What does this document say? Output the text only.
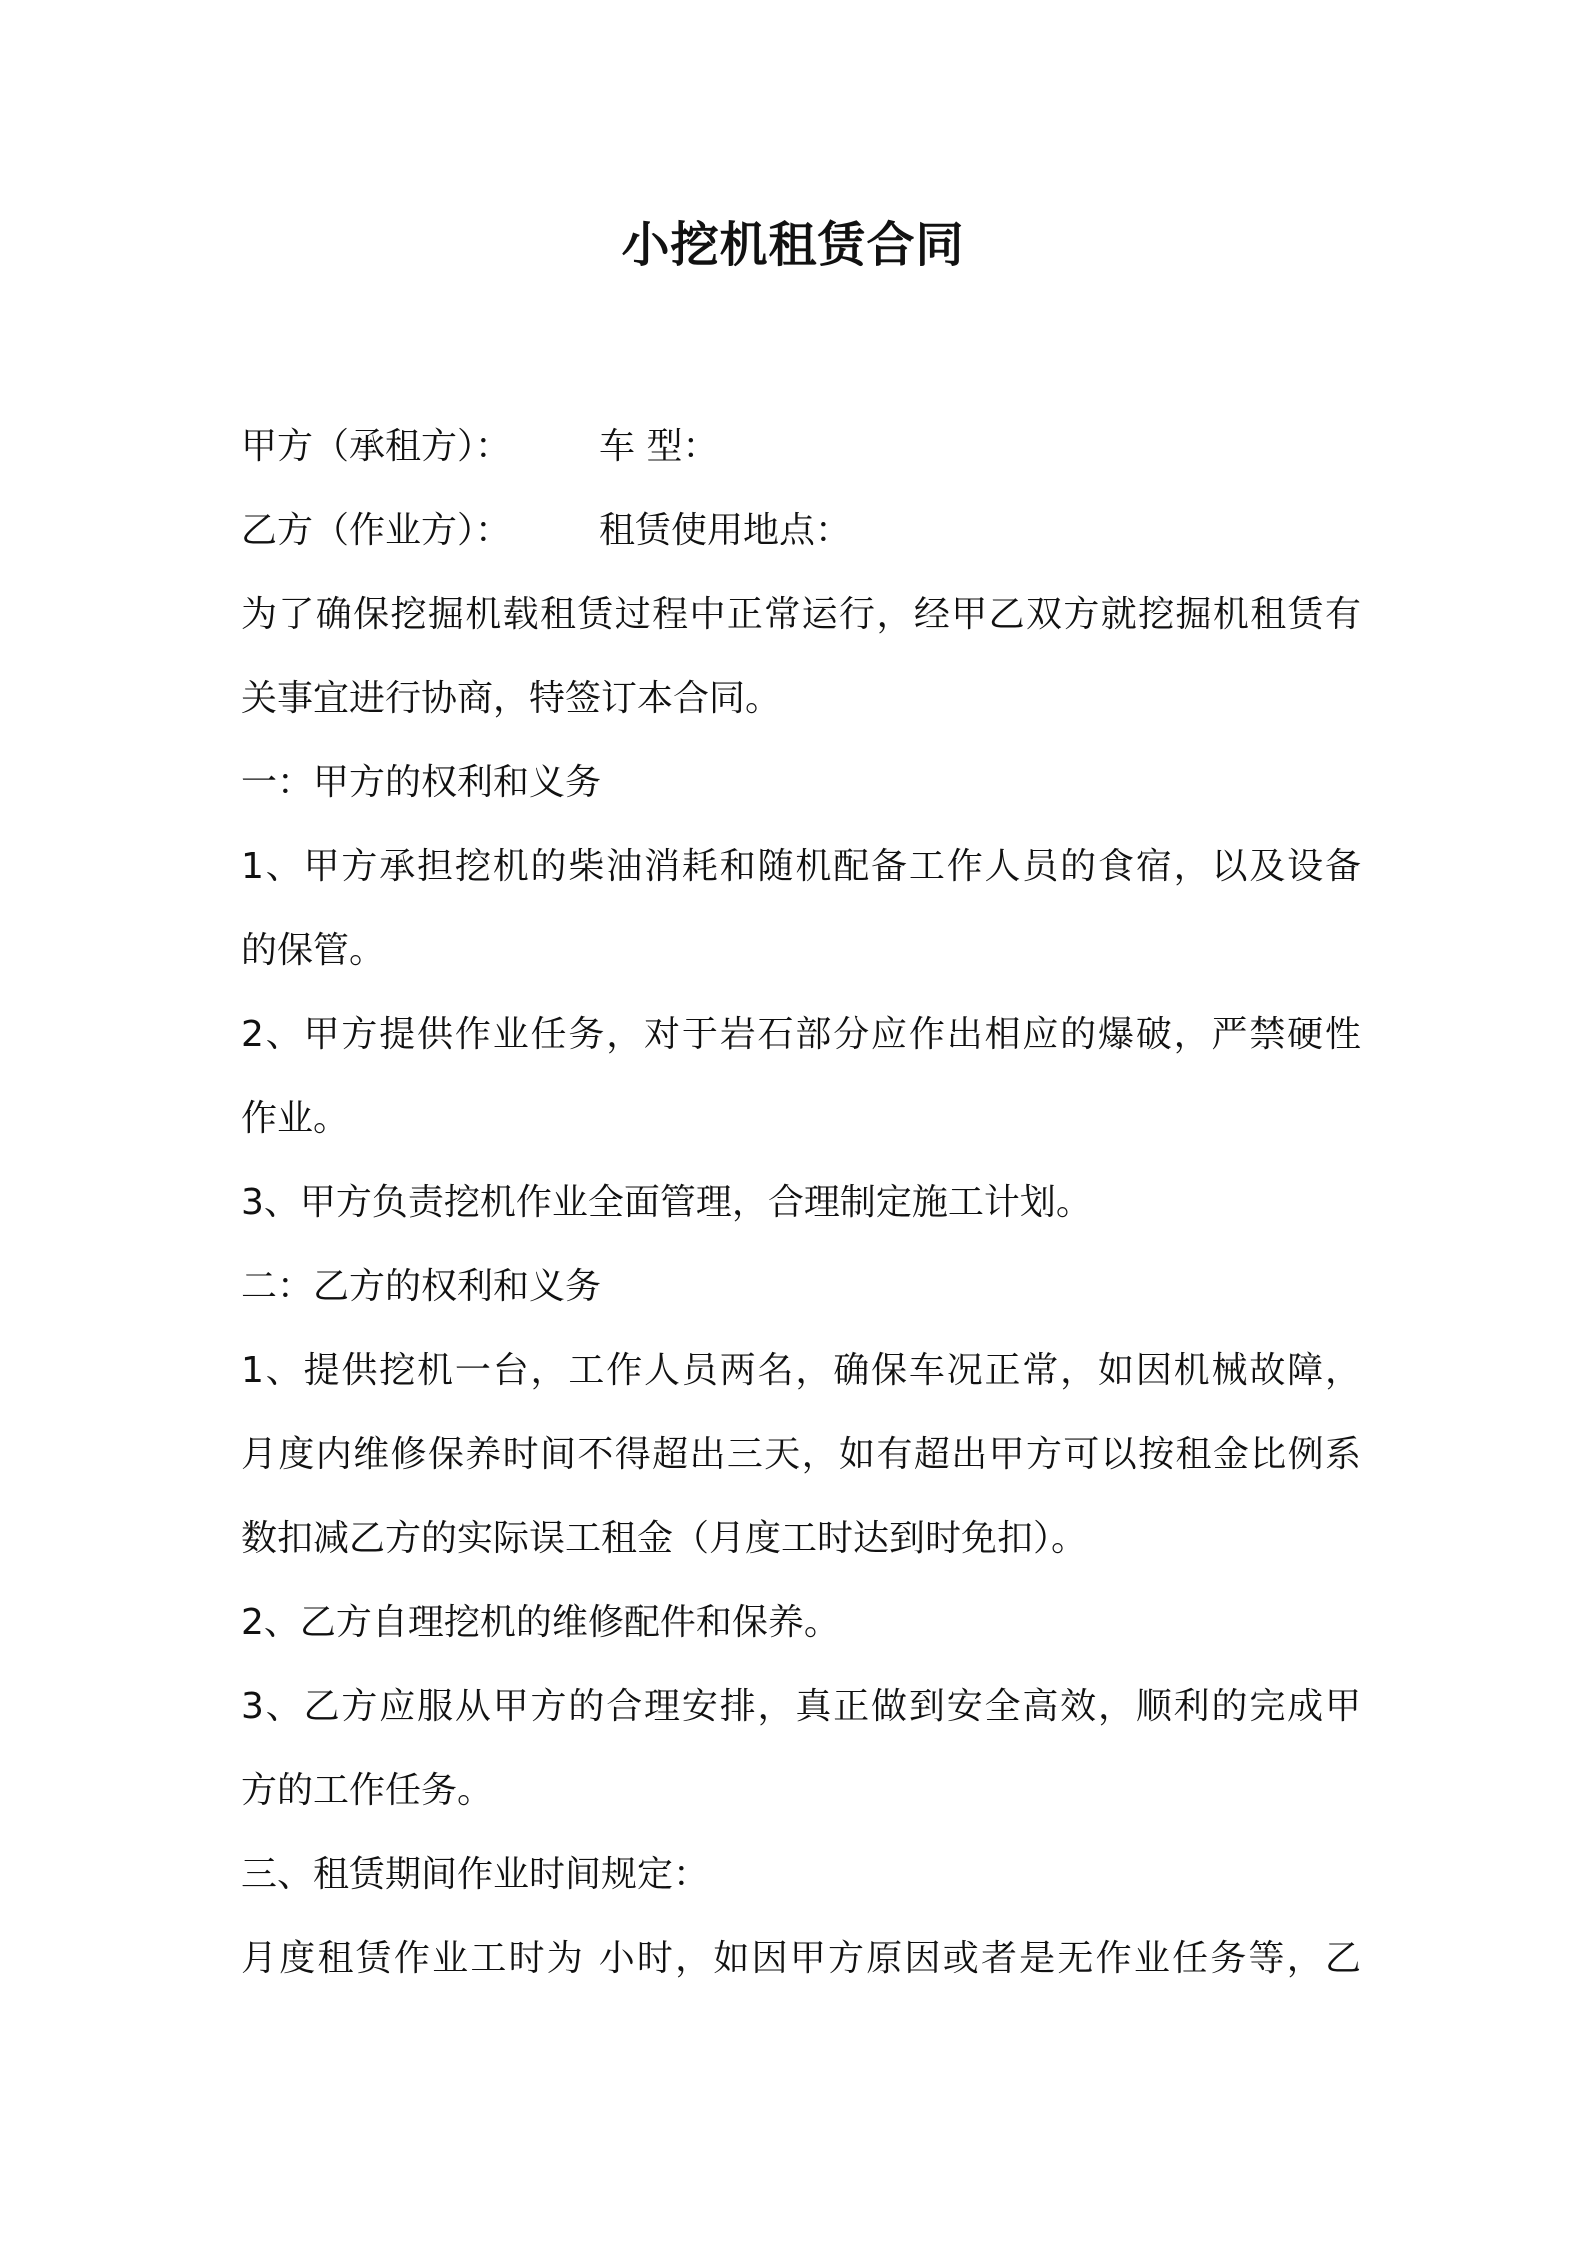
小挖机租赁合同
甲方（承租方）： 车 型：
乙方（作业方）： 租赁使用地点：
为了确保挖掘机载租赁过程中正常运行，经甲乙双方就挖掘机租赁有
关事宜进行协商，特签订本合同。
一：甲方的权利和义务
1、甲方承担挖机的柴油消耗和随机配备工作人员的食宿，以及设备
的保管。
2、甲方提供作业任务，对于岩石部分应作出相应的爆破，严禁硬性
作业。
3、甲方负责挖机作业全面管理，合理制定施工计划。
二：乙方的权利和义务
1、提供挖机一台，工作人员两名，确保车况正常，如因机械故障，
月度内维修保养时间不得超出三天，如有超出甲方可以按租金比例系
数扣减乙方的实际误工租金（月度工时达到时免扣）。
2、乙方自理挖机的维修配件和保养。
3、乙方应服从甲方的合理安排，真正做到安全高效，顺利的完成甲
方的工作任务。
三、租赁期间作业时间规定：
月度租赁作业工时为 小时，如因甲方原因或者是无作业任务等，乙
